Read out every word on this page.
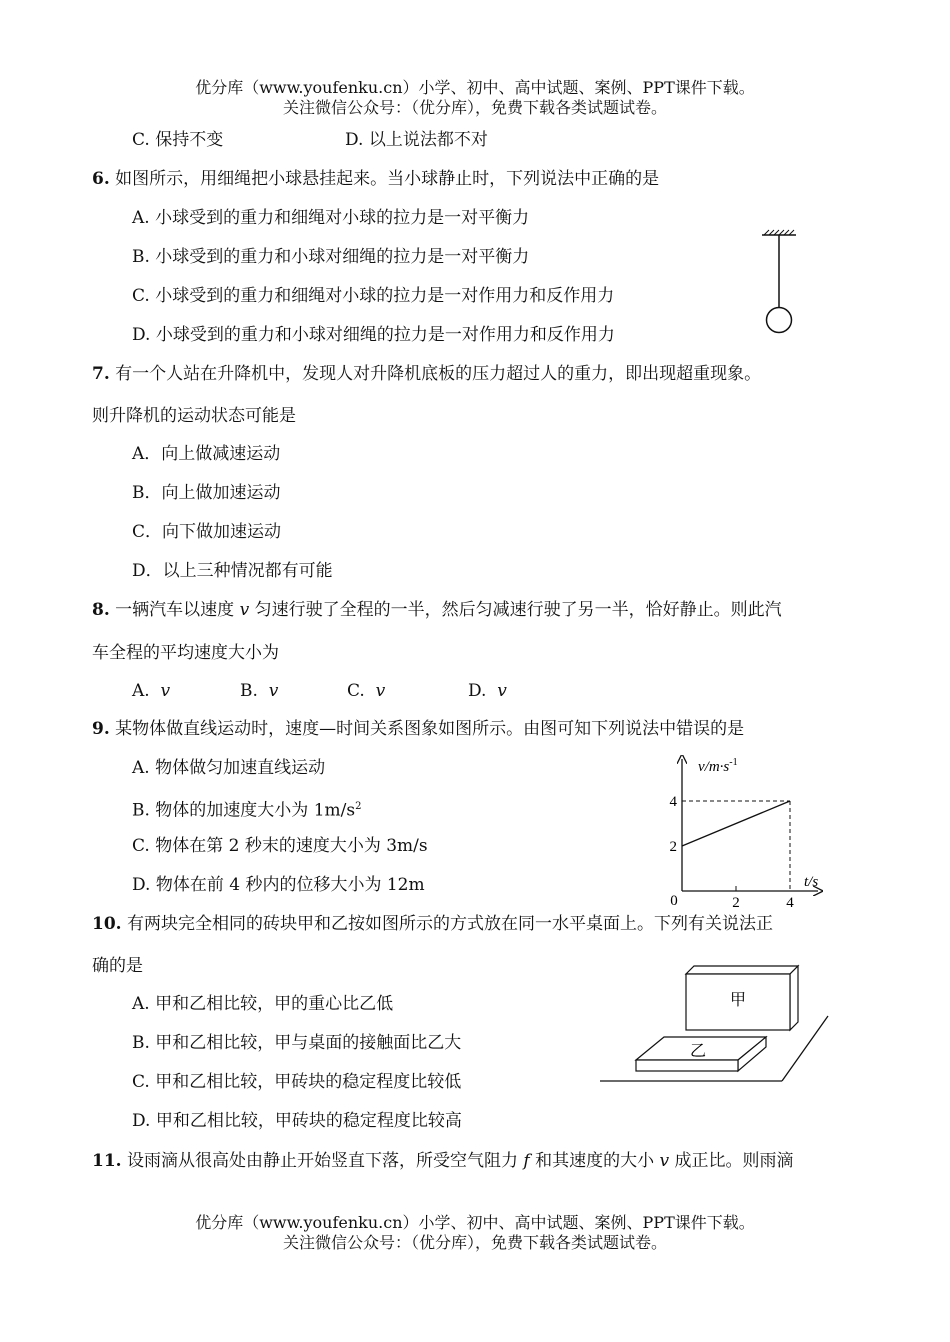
优分库（www.youfenku.cn）小学、初中、高中试题、案例、PPT课件下载。
关注微信公众号：（优分库），免费下载各类试题试卷。
C. 保持不变	D. 以上说法都不对
6. 如图所示，用细绳把小球悬挂起来。当小球静止时，下列说法中正确的是
A. 小球受到的重力和细绳对小球的拉力是一对平衡力
B. 小球受到的重力和小球对细绳的拉力是一对平衡力
C. 小球受到的重力和细绳对小球的拉力是一对作用力和反作用力
D. 小球受到的重力和小球对细绳的拉力是一对作用力和反作用力
7. 有一个人站在升降机中，发现人对升降机底板的压力超过人的重力，即出现超重现象。
则升降机的运动状态可能是
A．向上做减速运动
B．向上做加速运动
C．向下做加速运动
D．以上三种情况都有可能
8. 一辆汽车以速度 v 匀速行驶了全程的一半，然后匀减速行驶了另一半，恰好静止。则此汽
车全程的平均速度大小为
A. v	B. v	C. v	D. v
9. 某物体做直线运动时，速度—时间关系图象如图所示。由图可知下列说法中错误的是
A. 物体做匀加速直线运动
B. 物体的加速度大小为 $1m/s^2$
C. 物体在第 2 秒末的速度大小为 3m/s
D. 物体在前 4 秒内的位移大小为 12m
2	4
2
4
0
$v/m\cdot s^{-1}$
t/s
10. 有两块完全相同的砖块甲和乙按如图所示的方式放在同一水平桌面上。下列有关说法正
确的是
A. 甲和乙相比较，甲的重心比乙低
B. 甲和乙相比较，甲与桌面的接触面比乙大
C. 甲和乙相比较，甲砖块的稳定程度比较低
D. 甲和乙相比较，甲砖块的稳定程度比较高
甲
乙
11. 设雨滴从很高处由静止开始竖直下落，所受空气阻力 f 和其速度的大小 v 成正比。则雨滴
优分库（www.youfenku.cn）小学、初中、高中试题、案例、PPT课件下载。
关注微信公众号：（优分库），免费下载各类试题试卷。
